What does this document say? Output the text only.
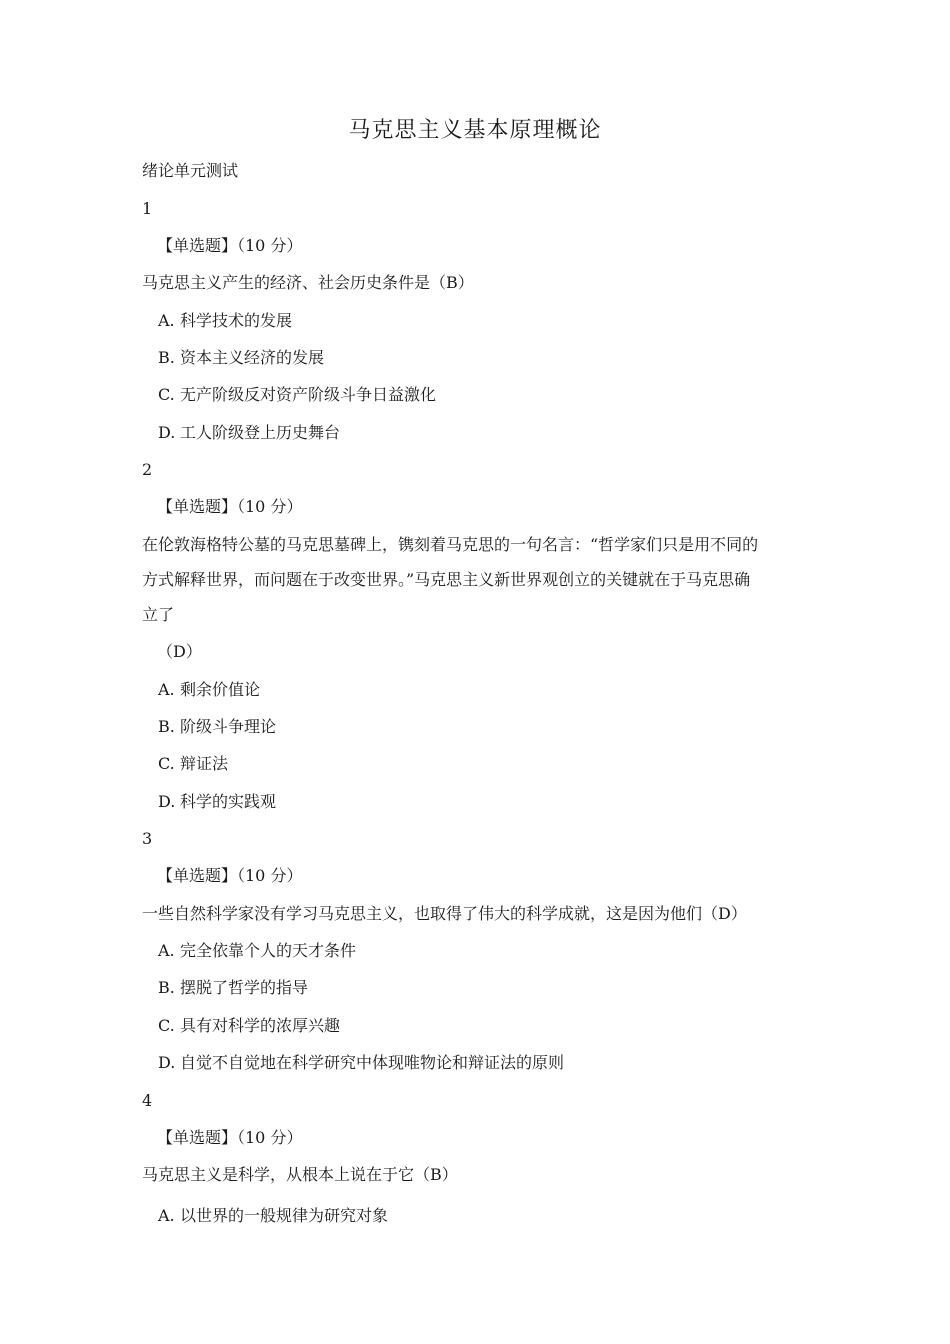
马克思主义基本原理概论
绪论单元测试
1
【单选题】（10 分）
马克思主义产生的经济、社会历史条件是（B）
A. 科学技术的发展
B. 资本主义经济的发展
C. 无产阶级反对资产阶级斗争日益激化
D. 工人阶级登上历史舞台
2
【单选题】（10 分）
在伦敦海格特公墓的马克思墓碑上，镌刻着马克思的一句名言：“哲学家们只是用不同的
方式解释世界，而问题在于改变世界。”马克思主义新世界观创立的关键就在于马克思确
立了
（D）
A. 剩余价值论
B. 阶级斗争理论
C. 辩证法
D. 科学的实践观
3
【单选题】（10 分）
一些自然科学家没有学习马克思主义，也取得了伟大的科学成就，这是因为他们（D）
A. 完全依靠个人的天才条件
B. 摆脱了哲学的指导
C. 具有对科学的浓厚兴趣
D. 自觉不自觉地在科学研究中体现唯物论和辩证法的原则
4
【单选题】（10 分）
马克思主义是科学，从根本上说在于它（B）
A. 以世界的一般规律为研究对象
